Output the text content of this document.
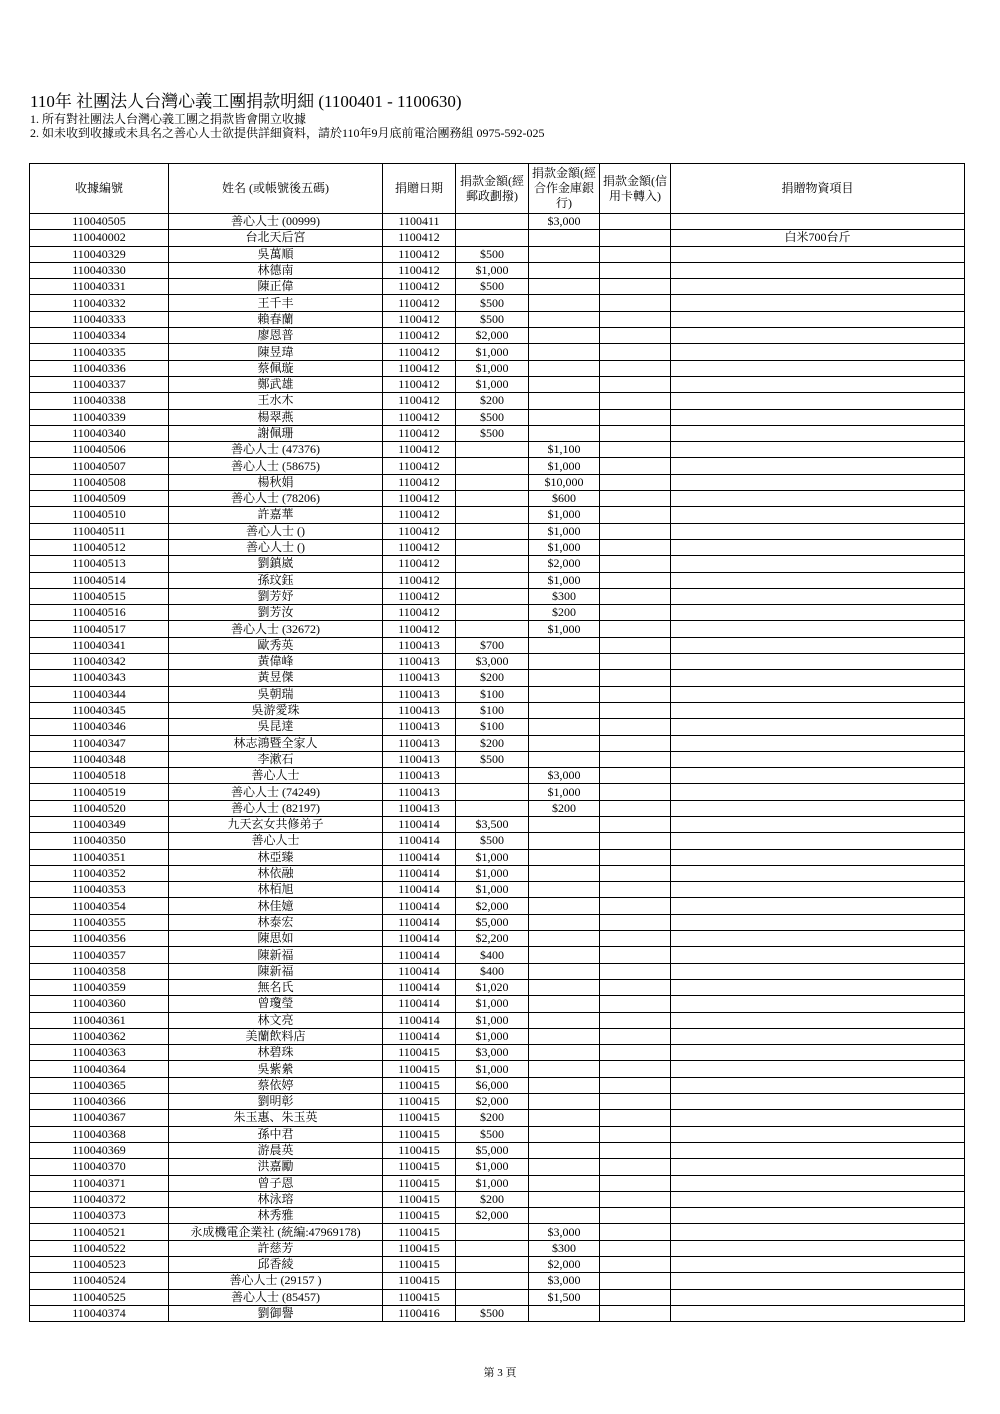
110年 社團法人台灣心義工團捐款明細 (1100401 - 1100630)

1. 所有對社團法人台灣心義工團之捐款皆會開立收據

2. 如未收到收據或未具名之善心人士欲提供詳細資料，請於110年9月底前電洽團務組 0975-592-025

收據編號	姓名 (或帳號後五碼)	捐贈日期	捐款金額(經郵政劃撥)	捐款金額(經合作金庫銀行)	捐款金額(信用卡轉入)	捐贈物資項目
110040505	善心人士 (00999)	1100411		$3,000		
110040002	台北天后宮	1100412				白米700台斤
110040329	吳萬順	1100412	$500			
110040330	林德南	1100412	$1,000			
110040331	陳正偉	1100412	$500			
110040332	王千丰	1100412	$500			
110040333	賴春蘭	1100412	$500			
110040334	廖恩普	1100412	$2,000			
110040335	陳昱瑋	1100412	$1,000			
110040336	蔡佩璇	1100412	$1,000			
110040337	鄭武雄	1100412	$1,000			
110040338	王水木	1100412	$200			
110040339	楊翠燕	1100412	$500			
110040340	謝佩珊	1100412	$500			
110040506	善心人士 (47376)	1100412		$1,100		
110040507	善心人士 (58675)	1100412		$1,000		
110040508	楊秋娟	1100412		$10,000		
110040509	善心人士 (78206)	1100412		$600		
110040510	許嘉華	1100412		$1,000		
110040511	善心人士 ()	1100412		$1,000		
110040512	善心人士 ()	1100412		$1,000		
110040513	劉鎮崴	1100412		$2,000		
110040514	孫玟鈺	1100412		$1,000		
110040515	劉芳妤	1100412		$300		
110040516	劉芳汝	1100412		$200		
110040517	善心人士 (32672)	1100412		$1,000		
110040341	歐秀英	1100413	$700			
110040342	黃偉峰	1100413	$3,000			
110040343	黃昱傑	1100413	$200			
110040344	吳朝瑞	1100413	$100			
110040345	吳游愛珠	1100413	$100			
110040346	吳昆達	1100413	$100			
110040347	林志鴻暨全家人	1100413	$200			
110040348	李漱石	1100413	$500			
110040518	善心人士	1100413		$3,000		
110040519	善心人士 (74249)	1100413		$1,000		
110040520	善心人士 (82197)	1100413		$200		
110040349	九天玄女共修弟子	1100414	$3,500			
110040350	善心人士	1100414	$500			
110040351	林亞臻	1100414	$1,000			
110040352	林依融	1100414	$1,000			
110040353	林栢旭	1100414	$1,000			
110040354	林佳嬑	1100414	$2,000			
110040355	林泰宏	1100414	$5,000			
110040356	陳思如	1100414	$2,200			
110040357	陳新福	1100414	$400			
110040358	陳新福	1100414	$400			
110040359	無名氏	1100414	$1,020			
110040360	曾瓊瑩	1100414	$1,000			
110040361	林文亮	1100414	$1,000			
110040362	美蘭飲料店	1100414	$1,000			
110040363	林碧珠	1100415	$3,000			
110040364	吳紫縈	1100415	$1,000			
110040365	蔡依婷	1100415	$6,000			
110040366	劉明彰	1100415	$2,000			
110040367	朱玉惠、朱玉英	1100415	$200			
110040368	孫中君	1100415	$500			
110040369	游晨英	1100415	$5,000			
110040370	洪嘉勵	1100415	$1,000			
110040371	曾子恩	1100415	$1,000			
110040372	林泳瑢	1100415	$200			
110040373	林秀雅	1100415	$2,000			
110040521	永成機電企業社 (統編:47969178)	1100415		$3,000		
110040522	許慈芳	1100415		$300		
110040523	邱香綾	1100415		$2,000		
110040524	善心人士 (29157 )	1100415		$3,000		
110040525	善心人士 (85457)	1100415		$1,500		
110040374	劉御譽	1100416	$500			
第 3 頁
